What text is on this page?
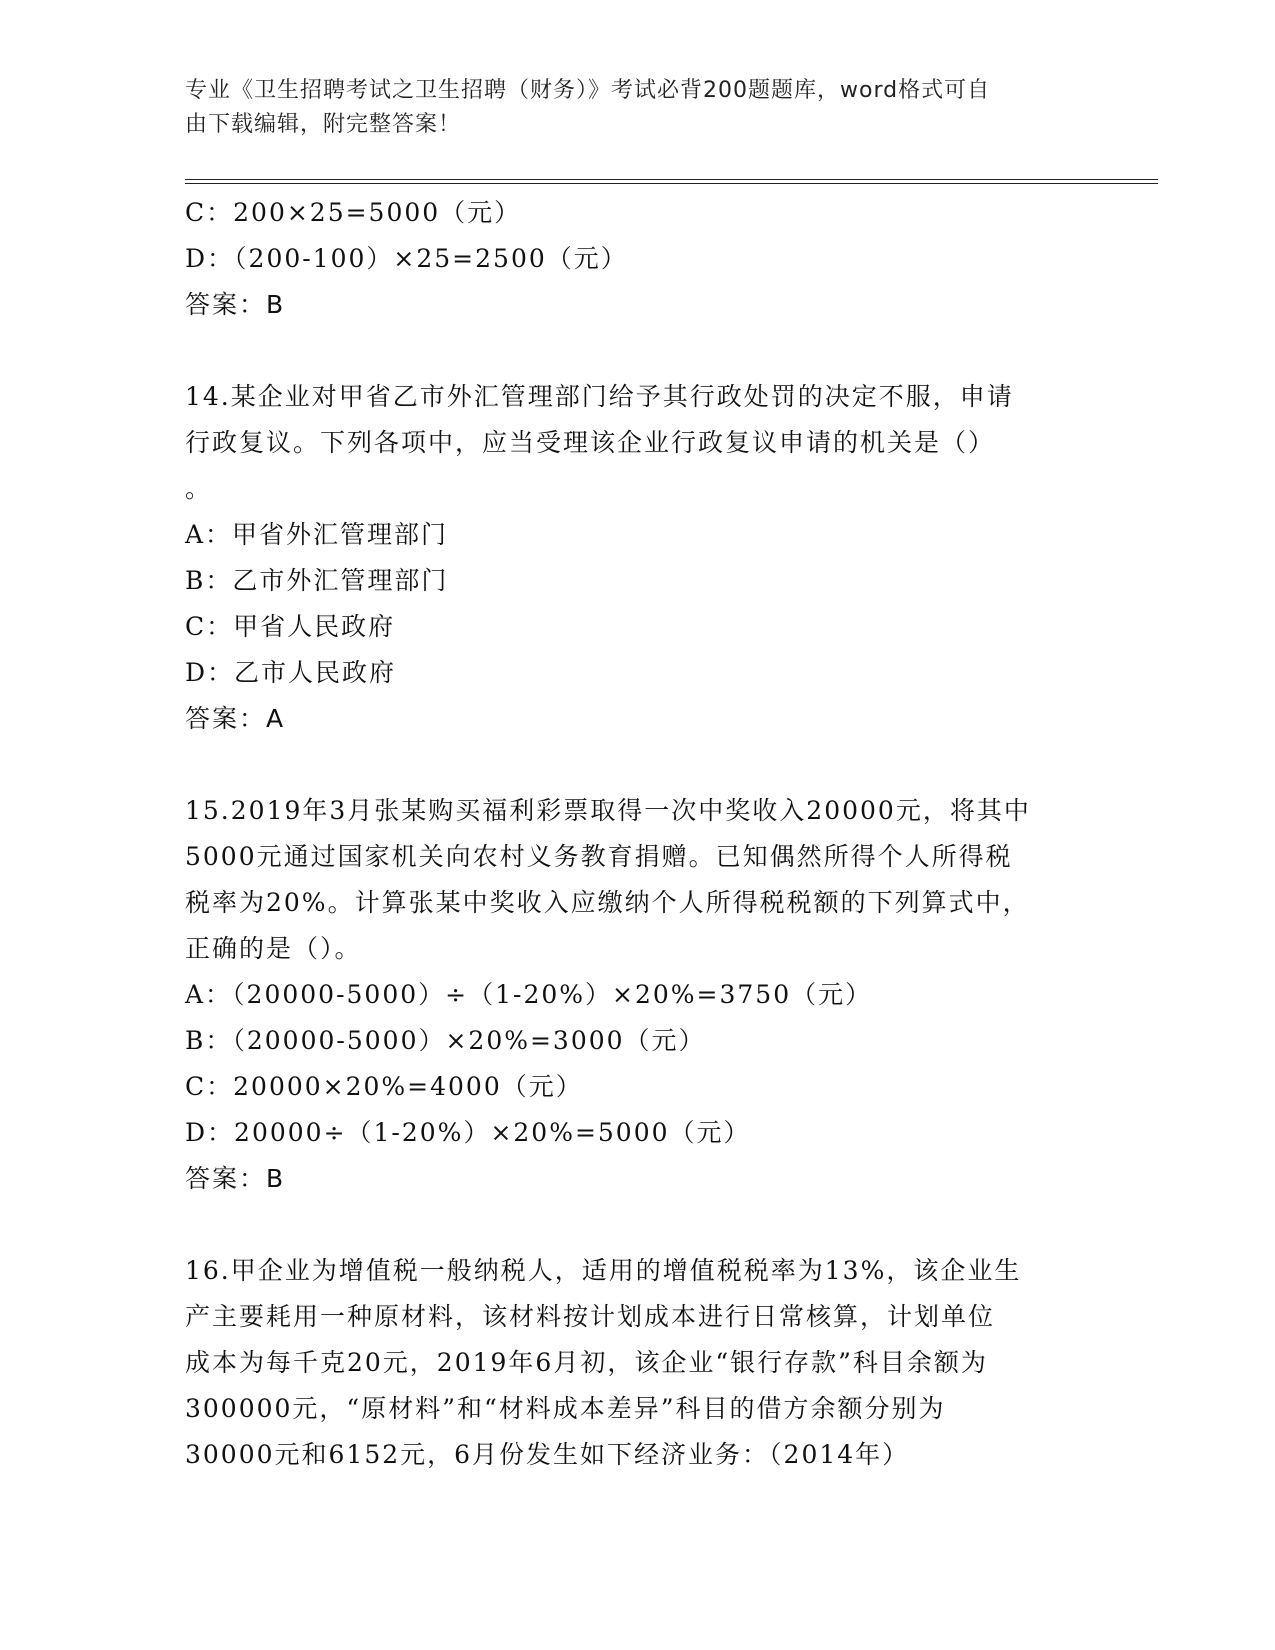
专业《卫生招聘考试之卫生招聘（财务）》考试必背200题题库，word格式可自
由下载编辑，附完整答案！
C：200×25=5000（元）
D：（200-100）×25=2500（元）
答案：B
14.某企业对甲省乙市外汇管理部门给予其行政处罚的决定不服，申请
行政复议。下列各项中，应当受理该企业行政复议申请的机关是（）
。
A：甲省外汇管理部门
B：乙市外汇管理部门
C：甲省人民政府
D：乙市人民政府
答案：A
15.2019年3月张某购买福利彩票取得一次中奖收入20000元，将其中
5000元通过国家机关向农村义务教育捐赠。已知偶然所得个人所得税
税率为20%。计算张某中奖收入应缴纳个人所得税税额的下列算式中，
正确的是（）。
A：（20000-5000）÷（1-20%）×20%=3750（元）
B：（20000-5000）×20%=3000（元）
C：20000×20%=4000（元）
D：20000÷（1-20%）×20%=5000（元）
答案：B
16.甲企业为增值税一般纳税人，适用的增值税税率为13%，该企业生
产主要耗用一种原材料，该材料按计划成本进行日常核算，计划单位
成本为每千克20元，2019年6月初，该企业“银行存款”科目余额为
300000元，“原材料”和“材料成本差异”科目的借方余额分别为
30000元和6152元，6月份发生如下经济业务：（2014年）
